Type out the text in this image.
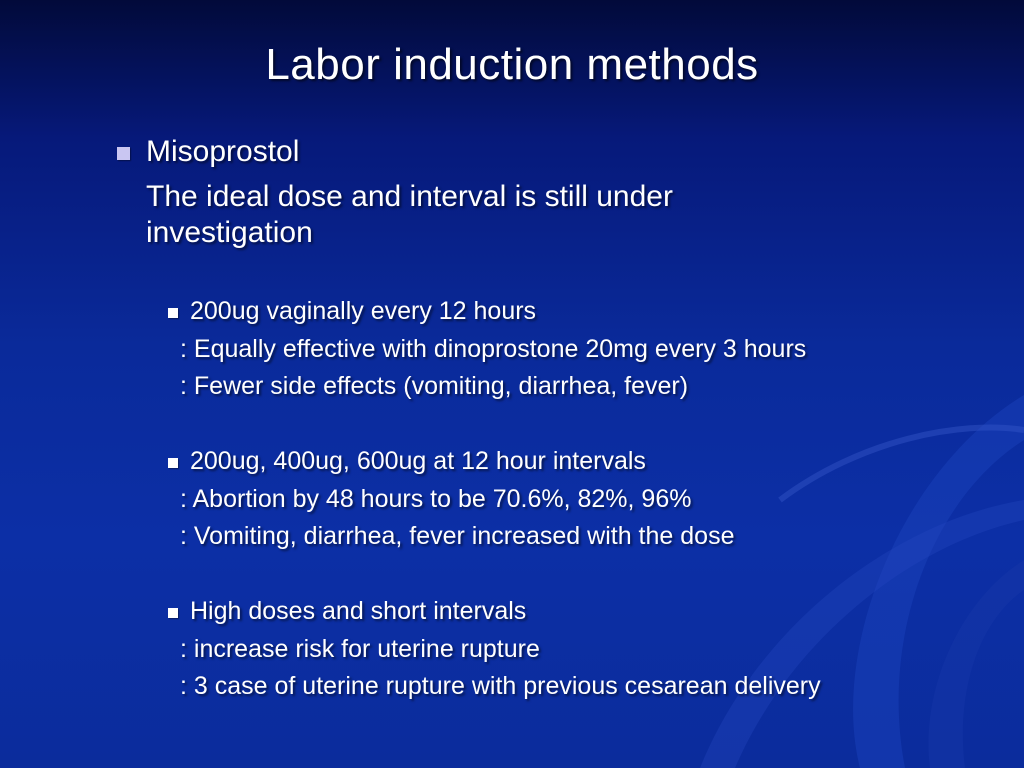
Labor induction methods
Misoprostol
The ideal dose and interval is still under
investigation
200ug vaginally every 12 hours
: Equally effective with dinoprostone 20mg every 3 hours
: Fewer side effects (vomiting, diarrhea, fever)
200ug, 400ug, 600ug at 12 hour intervals
: Abortion by 48 hours to be 70.6%, 82%, 96%
: Vomiting, diarrhea, fever increased with the dose
High doses and short intervals
: increase risk for uterine rupture
: 3 case of uterine rupture with previous cesarean delivery
